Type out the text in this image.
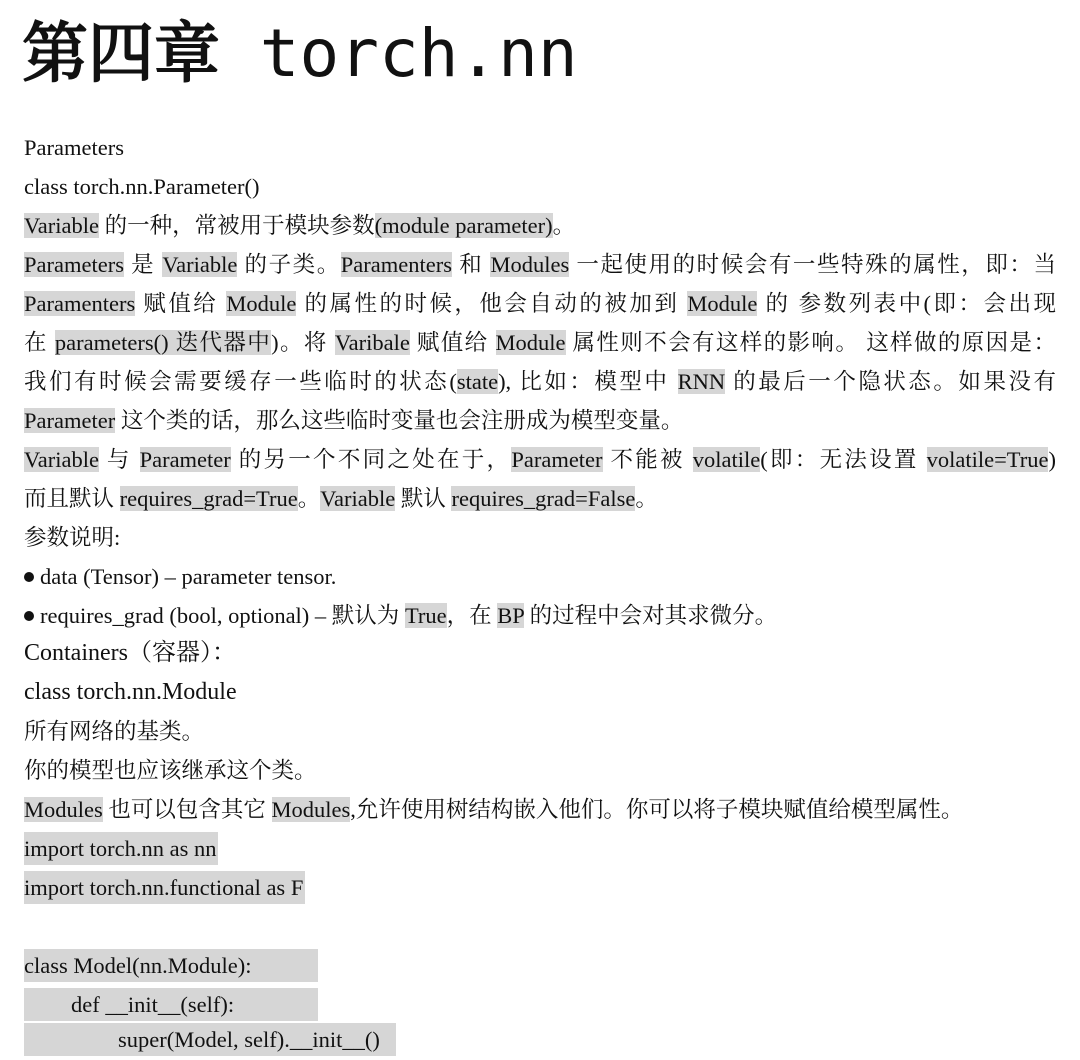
第四章 torch.nn
Parameters
class torch.nn.Parameter()
Variable 的一种，常被用于模块参数(module parameter)。
Parameters 是 Variable 的子类。Paramenters 和 Modules 一起使用的时候会有一些特殊的属性，即：当
Paramenters 赋值给 Module 的属性的时候，他会自动的被加到 Module 的 参数列表中(即：会出现
在 parameters() 迭代器中)。将 Varibale 赋值给 Module 属性则不会有这样的影响。 这样做的原因是：
我们有时候会需要缓存一些临时的状态(state), 比如：模型中 RNN 的最后一个隐状态。如果没有
Parameter 这个类的话，那么这些临时变量也会注册成为模型变量。
Variable 与 Parameter 的另一个不同之处在于，Parameter 不能被 volatile(即：无法设置 volatile=True)
而且默认 requires_grad=True。Variable 默认 requires_grad=False。
参数说明:
data (Tensor) – parameter tensor.
requires_grad (bool, optional) – 默认为 True，在 BP 的过程中会对其求微分。
Containers（容器）：
class torch.nn.Module
所有网络的基类。
你的模型也应该继承这个类。
Modules 也可以包含其它 Modules,允许使用树结构嵌入他们。你可以将子模块赋值给模型属性。
import torch.nn as nn
import torch.nn.functional as F
class Model(nn.Module):
def __init__(self):
super(Model, self).__init__()
